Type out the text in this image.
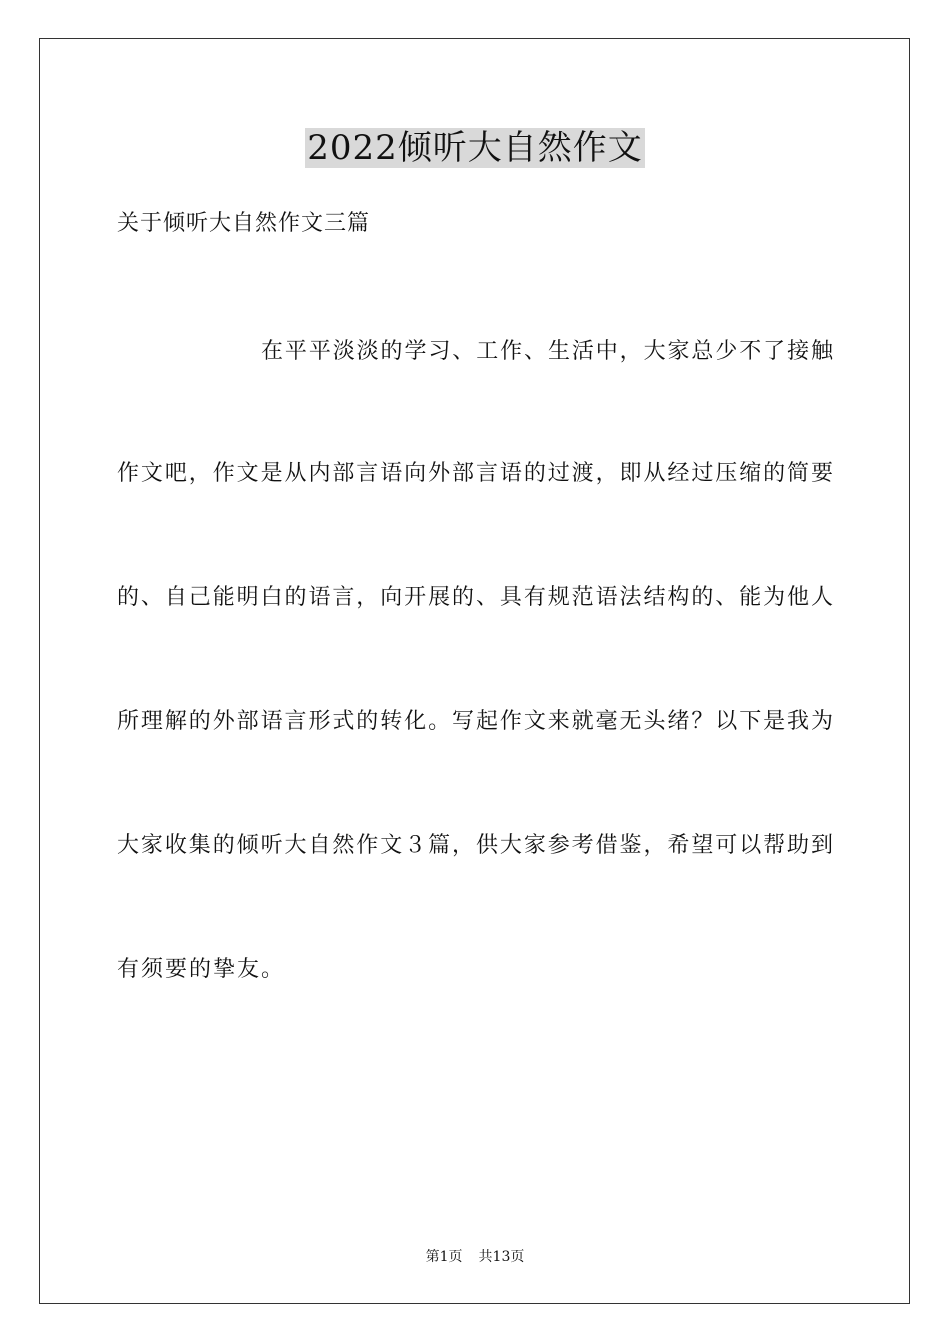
2022倾听大自然作文
关于倾听大自然作文三篇
在平平淡淡的学习、工作、生活中，大家总少不了接触
作文吧，作文是从内部言语向外部言语的过渡，即从经过压缩的简要
的、自己能明白的语言，向开展的、具有规范语法结构的、能为他人
所理解的外部语言形式的转化。写起作文来就毫无头绪？以下是我为
大家收集的倾听大自然作文３篇，供大家参考借鉴，希望可以帮助到
有须要的挚友。
第1页 共13页
